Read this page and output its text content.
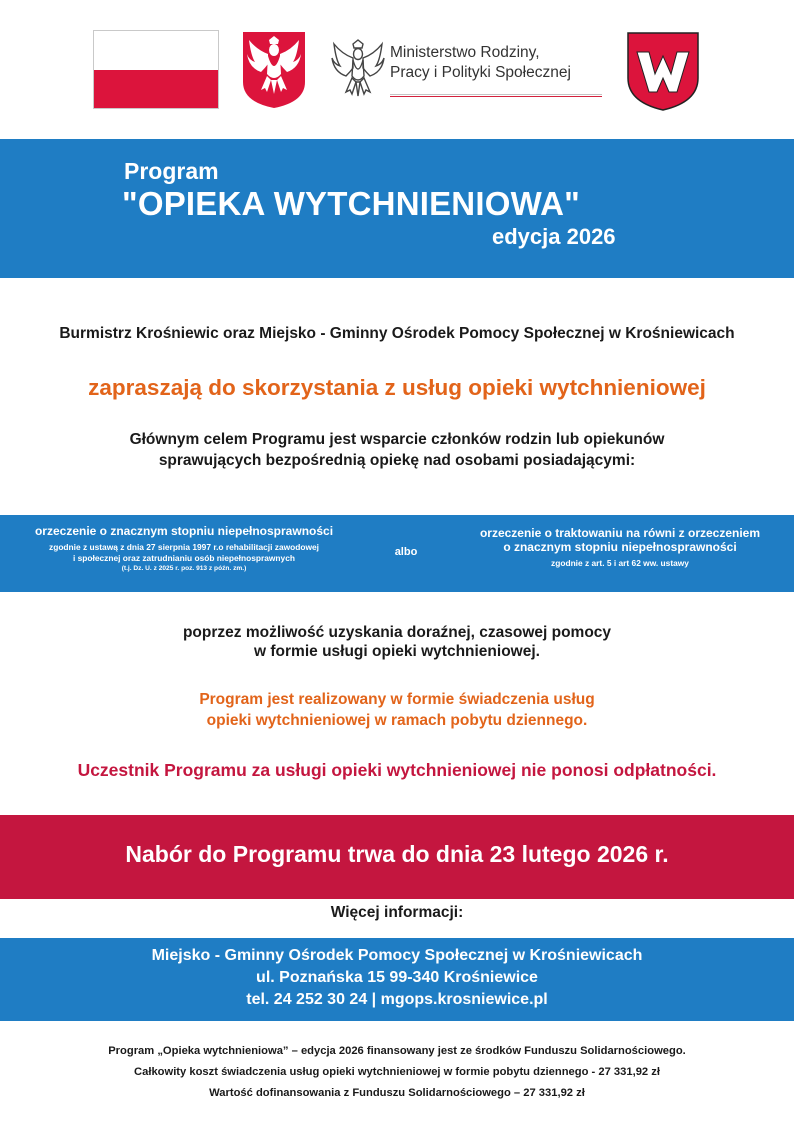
Ministerstwo Rodziny,
Pracy i Polityki Społecznej
Program
"OPIEKA WYTCHNIENIOWA"
edycja 2026
Burmistrz Krośniewic oraz Miejsko - Gminny Ośrodek Pomocy Społecznej w Krośniewicach
zapraszają do skorzystania z usług opieki wytchnieniowej
Głównym celem Programu jest wsparcie członków rodzin lub opiekunów
sprawujących bezpośrednią opiekę nad osobami posiadającymi:
orzeczenie o znacznym stopniu niepełnosprawności
zgodnie z ustawą z dnia 27 sierpnia 1997 r.o rehabilitacji zawodowej
i społecznej oraz zatrudnianiu osób niepełnosprawnych
(t.j. Dz. U. z 2025 r. poz. 913 z późn. zm.)
albo
orzeczenie o traktowaniu na równi z orzeczeniem
o znacznym stopniu niepełnosprawności
zgodnie z art. 5 i art 62 ww. ustawy
poprzez możliwość uzyskania doraźnej, czasowej pomocy
w formie usługi opieki wytchnieniowej.
Program jest realizowany w formie świadczenia usług
opieki wytchnieniowej w ramach pobytu dziennego.
Uczestnik Programu za usługi opieki wytchnieniowej nie ponosi odpłatności.
Nabór do Programu trwa do dnia 23 lutego 2026 r.
Więcej informacji:
Miejsko - Gminny Ośrodek Pomocy Społecznej w Krośniewicach
ul. Poznańska 15 99-340 Krośniewice
tel. 24 252 30 24 | mgops.krosniewice.pl
Program „Opieka wytchnieniowa” – edycja 2026 finansowany jest ze środków Funduszu Solidarnościowego.
Całkowity koszt świadczenia usług opieki wytchnieniowej w formie pobytu dziennego - 27 331,92 zł
Wartość dofinansowania z Funduszu Solidarnościowego – 27 331,92 zł
